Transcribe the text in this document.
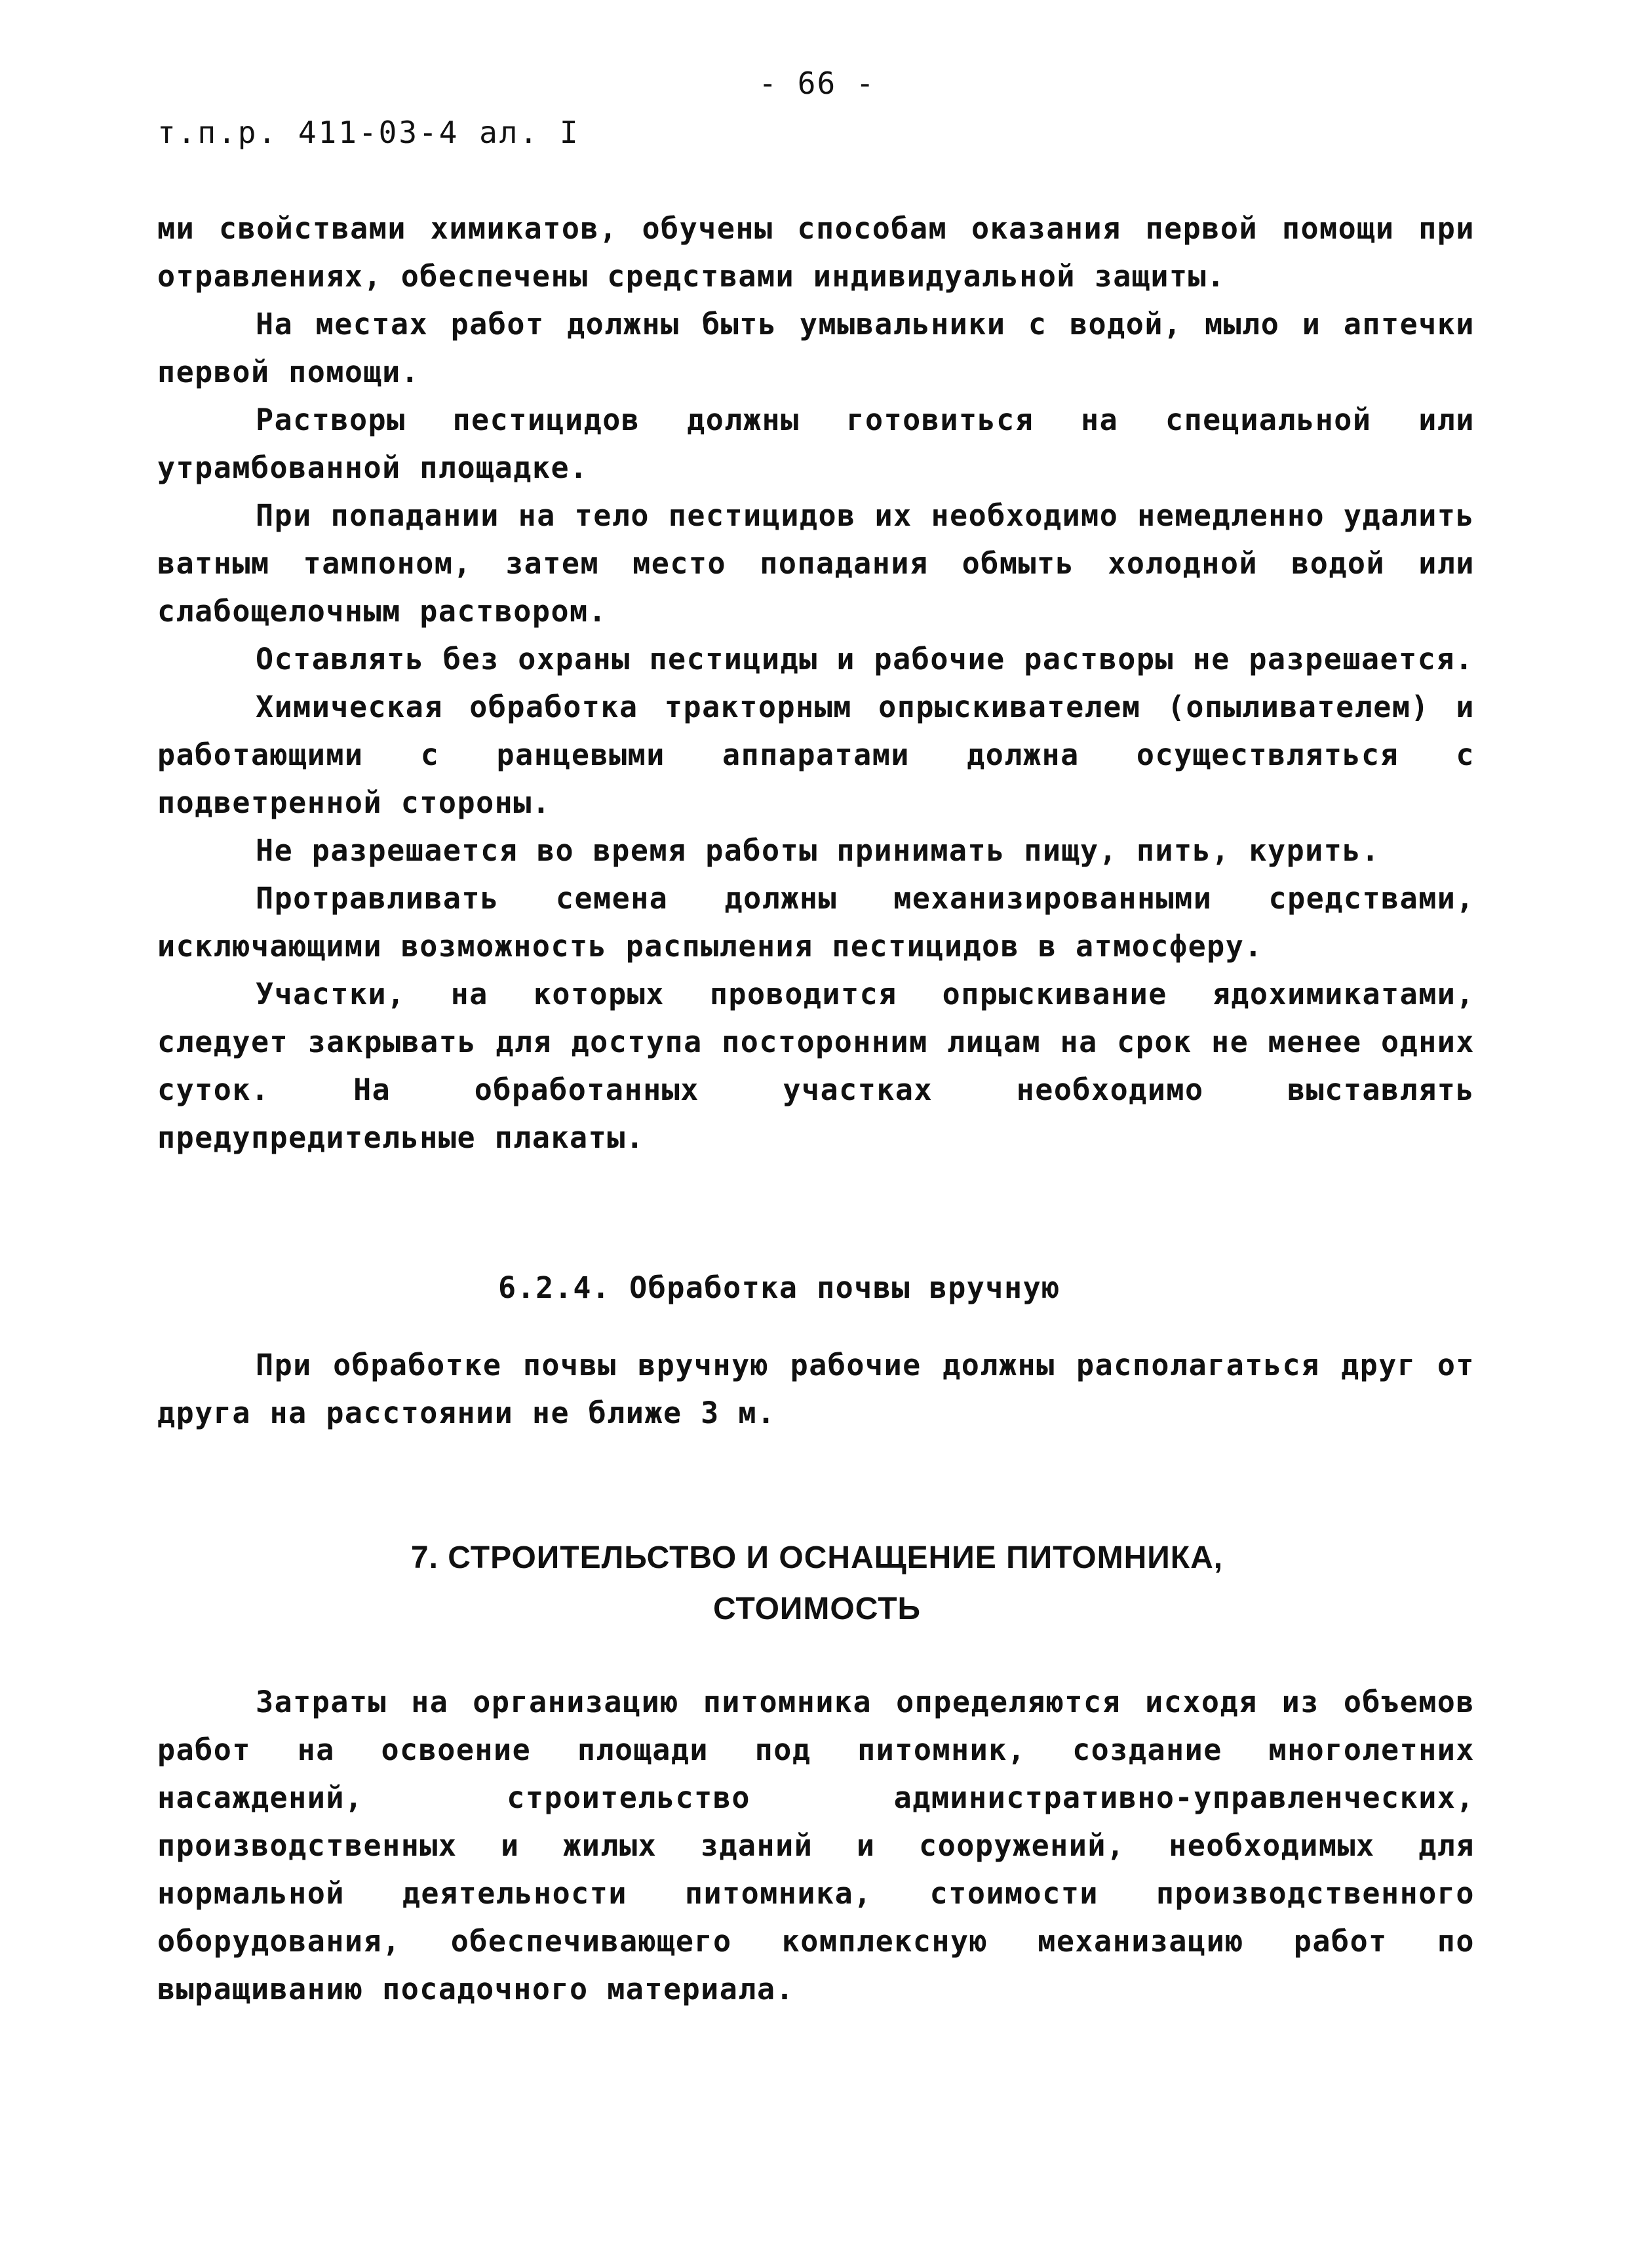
- 66 -
т.п.р. 411-03-4 ал. I

ми свойствами химикатов, обучены способам оказания первой помощи при отравлениях, обеспечены средствами индивидуальной защиты.

На местах работ должны быть умывальники с водой, мыло и аптечки первой помощи.

Растворы пестицидов должны готовиться на специальной или утрамбованной площадке.

При попадании на тело пестицидов их необходимо немедленно удалить ватным тампоном, затем место попадания обмыть холодной водой или слабощелочным раствором.

Оставлять без охраны пестициды и рабочие растворы не разрешается.

Химическая обработка тракторным опрыскивателем (опыливателем) и работающими с ранцевыми аппаратами должна осуществляться с подветренной стороны.

Не разрешается во время работы принимать пищу, пить, курить.

Протравливать семена должны механизированными средствами, исключающими возможность распыления пестицидов в атмосферу.

Участки, на которых проводится опрыскивание ядохимикатами, следует закрывать для доступа посторонним лицам на срок не менее одних суток. На обработанных участках необходимо выставлять предупредительные плакаты.

6.2.4. Обработка почвы вручную

При обработке почвы вручную рабочие должны располагаться друг от друга на расстоянии не ближе 3 м.

7. СТРОИТЕЛЬСТВО И ОСНАЩЕНИЕ ПИТОМНИКА,
СТОИМОСТЬ

Затраты на организацию питомника определяются исходя из объемов работ на освоение площади под питомник, создание многолетних насаждений, строительство административно-управленческих, производственных и жилых зданий и сооружений, необходимых для нормальной деятельности питомника, стоимости производственного оборудования, обеспечивающего комплексную механизацию работ по выращиванию посадочного материала.
